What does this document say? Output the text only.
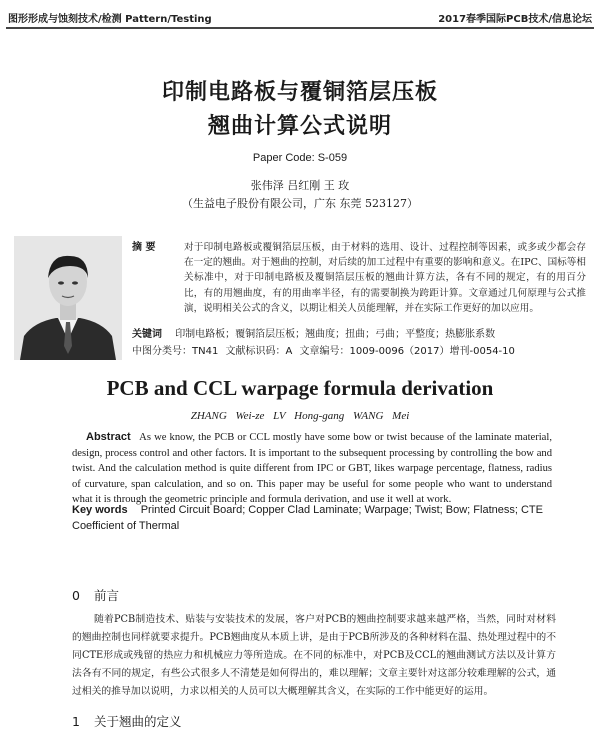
图形形成与蚀刻技术/检测 Pattern/Testing	2017春季国际PCB技术/信息论坛
印制电路板与覆铜箔层压板
翘曲计算公式说明
Paper Code: S-059
张伟泽 吕红刚 王 玫
（生益电子股份有限公司，广东 东莞 523127）
摘 要	对于印制电路板或覆铜箔层压板，由于材料的选用、设计、过程控制等因素，或多或少都会存在一定的翘曲。对于翘曲的控制，对后续的加工过程中有重要的影响和意义。在IPC、国标等相关标准中，对于印制电路板及覆铜箔层压板的翘曲计算方法，各有不同的规定，有的用百分比，有的用翘曲度，有的用曲率半径，有的需要制换为跨距计算。文章通过几何原理与公式推演，说明相关公式的含义，以期让相关人员能理解，并在实际工作更好的加以应用。
关键词 印制电路板；覆铜箔层压板；翘曲度；扭曲；弓曲；平整度；热膨胀系数
中图分类号：TN41 文献标识码：A 文章编号：1009-0096（2017）增刊-0054-10
PCB and CCL warpage formula derivation
ZHANG Wei-ze LV Hong-gang WANG Mei
Abstract As we know, the PCB or CCL mostly have some bow or twist because of the laminate material, design, process control and other factors. It is important to the subsequent processing by controlling the bow and twist. And the calculation method is quite different from IPC or GBT, likes warpage percentage, flatness, radius of curvature, span calculation, and so on. This paper may be useful for some people who want to understand what it is through the geometric principle and formula derivation, and use it well at work.
Key words Printed Circuit Board; Copper Clad Laminate; Warpage; Twist; Bow; Flatness; CTE Coefficient of Thermal
0 前言

随着PCB制造技术、贴装与安装技术的发展，客户对PCB的翘曲控制要求越来越严格，当然，同时对材料的翘曲控制也同样就要求提升。PCB翘曲度从本质上讲，是由于PCB所涉及的各种材料在温、热处理过程中的不同CTE形成或残留的热应力和机械应力等所造成。在不同的标准中，对PCB及CCL的翘曲测试方法以及计算方法各有不同的规定，有些公式很多人不清楚是如何得出的，难以理解；文章主要针对这部分较难理解的公式，通过相关的推导加以说明，力求以相关的人员可以大概理解其含义，在实际的工作中能更好的运用。

1 关于翘曲的定义
